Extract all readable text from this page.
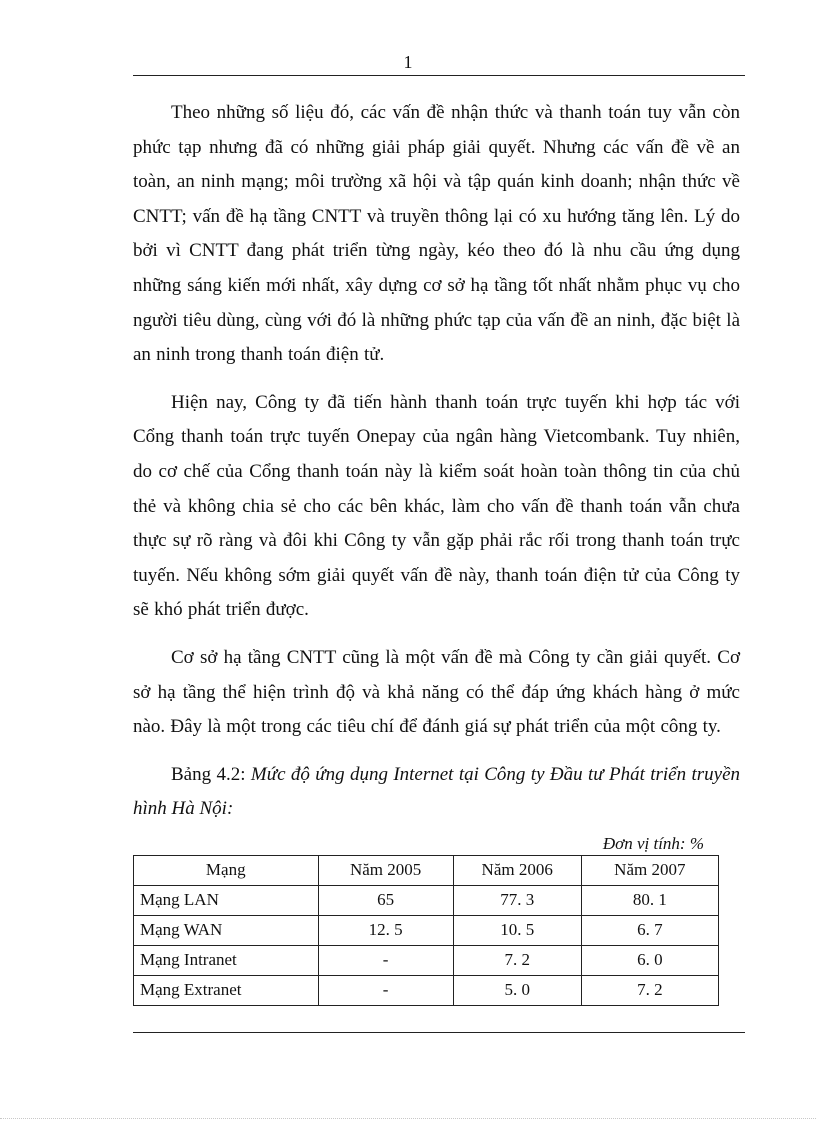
1

Theo những số liệu đó, các vấn đề nhận thức và thanh toán tuy vẫn còn phức tạp nhưng đã có những giải pháp giải quyết. Nhưng các vấn đề về an toàn, an ninh mạng; môi trường xã hội và tập quán kinh doanh; nhận thức về CNTT; vấn đề hạ tầng CNTT và truyền thông lại có xu hướng tăng lên. Lý do bởi vì CNTT đang phát triển từng ngày, kéo theo đó là nhu cầu ứng dụng những sáng kiến mới nhất, xây dựng cơ sở hạ tầng tốt nhất nhằm phục vụ cho người tiêu dùng, cùng với đó là những phức tạp của vấn đề an ninh, đặc biệt là an ninh trong thanh toán điện tử.

Hiện nay, Công ty đã tiến hành thanh toán trực tuyến khi hợp tác với Cổng thanh toán trực tuyến Onepay của ngân hàng Vietcombank. Tuy nhiên, do cơ chế của Cổng thanh toán này là kiểm soát hoàn toàn thông tin của chủ thẻ và không chia sẻ cho các bên khác, làm cho vấn đề thanh toán vẫn chưa thực sự rõ ràng và đôi khi Công ty vẫn gặp phải rắc rối trong thanh toán trực tuyến. Nếu không sớm giải quyết vấn đề này, thanh toán điện tử của Công ty sẽ khó phát triển được.

Cơ sở hạ tầng CNTT cũng là một vấn đề mà Công ty cần giải quyết. Cơ sở hạ tầng thể hiện trình độ và khả năng có thể đáp ứng khách hàng ở mức nào. Đây là một trong các tiêu chí để đánh giá sự phát triển của một công ty.

Bảng 4.2: Mức độ ứng dụng Internet tại Công ty Đầu tư Phát triển truyền hình Hà Nội:

Đơn vị tính: %

Mạng	Năm 2005	Năm 2006	Năm 2007
Mạng LAN	65	77. 3	80. 1
Mạng WAN	12. 5	10. 5	6. 7
Mạng Intranet	-	7. 2	6. 0
Mạng Extranet	-	5. 0	7. 2
